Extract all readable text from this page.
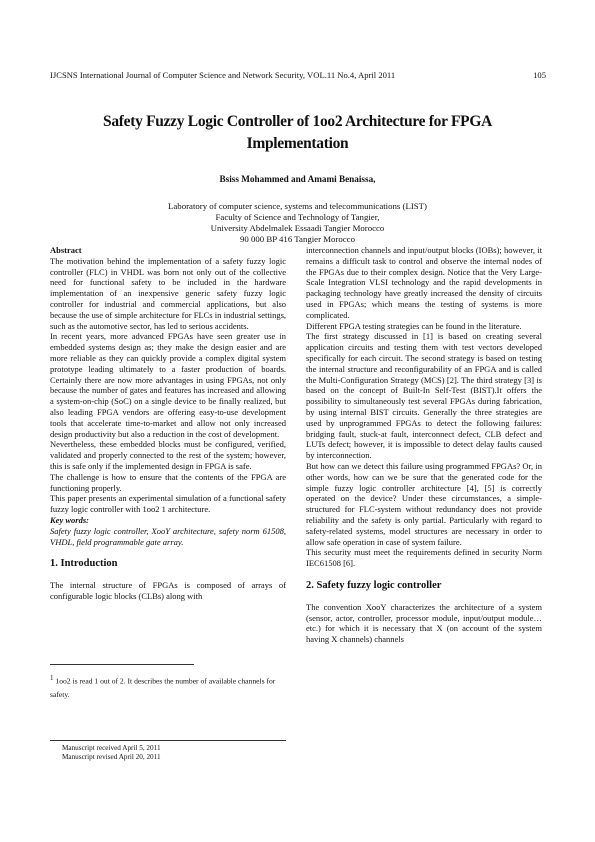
IJCSNS International Journal of Computer Science and Network Security, VOL.11 No.4, April 2011	105
Safety Fuzzy Logic Controller of 1oo2 Architecture for FPGA
Implementation
Bsiss Mohammed and Amami Benaissa,
Laboratory of computer science, systems and telecommunications (LIST)
Faculty of Science and Technology of Tangier,
University Abdelmalek Essaadi Tangier Morocco
90 000 BP 416 Tangier Morocco

Abstract

The motivation behind the implementation of a safety fuzzy logic controller (FLC) in VHDL was born not only out of the collective need for functional safety to be included in the hardware implementation of an inexpensive generic safety fuzzy logic controller for industrial and commercial applications, but also because the use of simple architecture for FLCs in industrial settings, such as the automotive sector, has led to serious accidents.

In recent years, more advanced FPGAs have seen greater use in embedded systems design as; they make the design easier and are more reliable as they can quickly provide a complex digital system prototype leading ultimately to a faster production of boards. Certainly there are now more advantages in using FPGAs, not only because the number of gates and features has increased and allowing a system-on-chip (SoC) on a single device to be finally realized, but also leading FPGA vendors are offering easy-to-use development tools that accelerate time-to-market and allow not only increased design productivity but also a reduction in the cost of development.

Nevertheless, these embedded blocks must be configured, verified, validated and properly connected to the rest of the system; however, this is safe only if the implemented design in FPGA is safe.

The challenge is how to ensure that the contents of the FPGA are functioning properly.

This paper presents an experimental simulation of a functional safety fuzzy logic controller with 1oo2 1 architecture.

Key words:

Safety fuzzy logic controller, XooY architecture, safety norm 61508, VHDL, field programmable gate array.

1. Introduction

The internal structure of FPGAs is composed of arrays of configurable logic blocks (CLBs) along with

$^1$ 1oo2 is read 1 out of 2. It describes the number of available channels for safety.
Manuscript received April 5, 2011
Manuscript revised April 20, 2011

interconnection channels and input/output blocks (IOBs); however, it remains a difficult task to control and observe the internal nodes of the FPGAs due to their complex design. Notice that the Very Large-Scale Integration VLSI technology and the rapid developments in packaging technology have greatly increased the density of circuits used in FPGAs; which means the testing of systems is more complicated.

Different FPGA testing strategies can be found in the literature.

The first strategy discussed in [1] is based on creating several application circuits and testing them with test vectors developed specifically for each circuit. The second strategy is based on testing the internal structure and reconfigurability of an FPGA and is called the Multi-Configuration Strategy (MCS) [2]. The third strategy [3] is based on the concept of Built-In Self-Test (BIST).It offers the possibility to simultaneously test several FPGAs during fabrication, by using internal BIST circuits. Generally the three strategies are used by unprogrammed FPGAs to detect the following failures: bridging fault, stuck-at fault, interconnect defect, CLB defect and LUTs defect; however, it is impossible to detect delay faults caused by interconnection.

But how can we detect this failure using programmed FPGAs? Or, in other words, how can we be sure that the generated code for the simple fuzzy logic controller architecture [4], [5] is correctly operated on the device? Under these circumstances, a simple-structured for FLC-system without redundancy does not provide reliability and the safety is only partial. Particularly with regard to safety-related systems, model structures are necessary in order to allow safe operation in case of system failure.

This security must meet the requirements defined in security Norm IEC61508 [6].

2. Safety fuzzy logic controller

The convention XooY characterizes the architecture of a system (sensor, actor, controller, processor module, input/output module…etc.) for which it is necessary that X (on account of the system having X channels) channels
